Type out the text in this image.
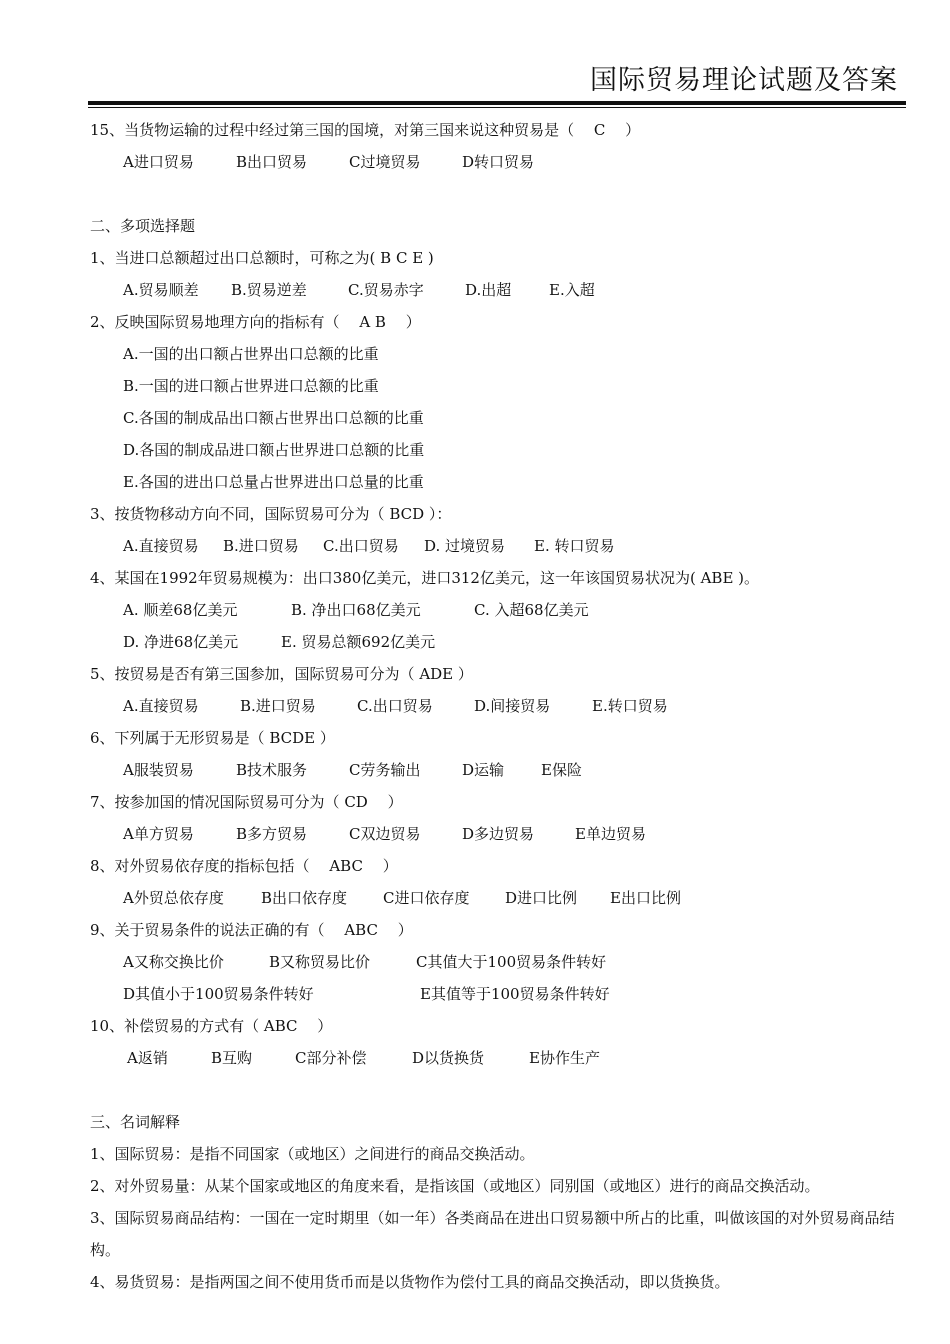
国际贸易理论试题及答案
15、当货物运输的过程中经过第三国的国境，对第三国来说这种贸易是（　 C　 ）
A进口贸易	B出口贸易	C过境贸易	D转口贸易
二、多项选择题
1、当进口总额超过出口总额时，可称之为( B C E )
A.贸易顺差 B.贸易逆差	C.贸易赤字	D.出超	E.入超
2、反映国际贸易地理方向的指标有（　 A B　 ）
A.一国的出口额占世界出口总额的比重
B.一国的进口额占世界进口总额的比重
C.各国的制成品出口额占世界出口总额的比重
D.各国的制成品进口额占世界进口总额的比重
E.各国的进出口总量占世界进出口总量的比重
3、按货物移动方向不同，国际贸易可分为（ BCD ）：
A.直接贸易 B.进口贸易 C.出口贸易 D. 过境贸易 E. 转口贸易
4、某国在1992年贸易规模为：出口380亿美元，进口312亿美元，这一年该国贸易状况为( ABE )。
A. 顺差68亿美元	B. 净出口68亿美元	C. 入超68亿美元
D. 净进68亿美元	E. 贸易总额692亿美元
5、按贸易是否有第三国参加，国际贸易可分为（ ADE ）
A.直接贸易	B.进口贸易	C.出口贸易	D.间接贸易	E.转口贸易
6、下列属于无形贸易是（ BCDE ）
A服装贸易	B技术服务	C劳务输出	D运输 E保险
7、按参加国的情况国际贸易可分为（ CD　 ）
A单方贸易	B多方贸易	C双边贸易	D多边贸易	E单边贸易
8、对外贸易依存度的指标包括（　 ABC　 ）
A外贸总依存度 B出口依存度 C进口依存度 D进口比例 E出口比例
9、关于贸易条件的说法正确的有（　 ABC　 ）
A又称交换比价	B又称贸易比价	C其值大于100贸易条件转好
D其值小于100贸易条件转好	E其值等于100贸易条件转好
10、补偿贸易的方式有（ ABC　 ）
A返销	B互购	C部分补偿	D以货换货	E协作生产
三、名词解释
1、国际贸易：是指不同国家（或地区）之间进行的商品交换活动。
2、对外贸易量：从某个国家或地区的角度来看，是指该国（或地区）同别国（或地区）进行的商品交换活动。
3、国际贸易商品结构：一国在一定时期里（如一年）各类商品在进出口贸易额中所占的比重，叫做该国的对外贸易商品结构。
4、易货贸易：是指两国之间不使用货币而是以货物作为偿付工具的商品交换活动，即以货换货。
